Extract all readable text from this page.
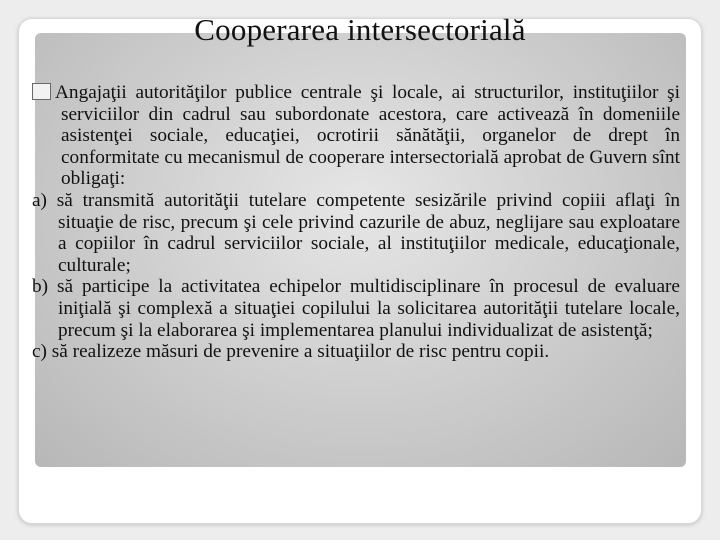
Cooperarea intersectorială

Angajaţii autorităţilor publice centrale şi locale, ai structurilor, instituţiilor şi serviciilor din cadrul sau subordonate acestora, care activează în domeniile asistenţei sociale, educaţiei, ocrotirii sănătăţii, organelor de drept în conformitate cu mecanismul de cooperare intersectorială aprobat de Guvern sînt obligaţi:

a) să transmită autorităţii tutelare competente sesizările privind copiii aflaţi în situaţie de risc, precum şi cele privind cazurile de abuz, neglijare sau exploatare a copiilor în cadrul serviciilor sociale, al instituţiilor medicale, educaţionale, culturale;

b) să participe la activitatea echipelor multidisciplinare în procesul de evaluare iniţială şi complexă a situaţiei copilului la solicitarea autorităţii tutelare locale, precum şi la elaborarea şi implementarea planului individualizat de asistenţă;

c) să realizeze măsuri de prevenire a situaţiilor de risc pentru copii.
